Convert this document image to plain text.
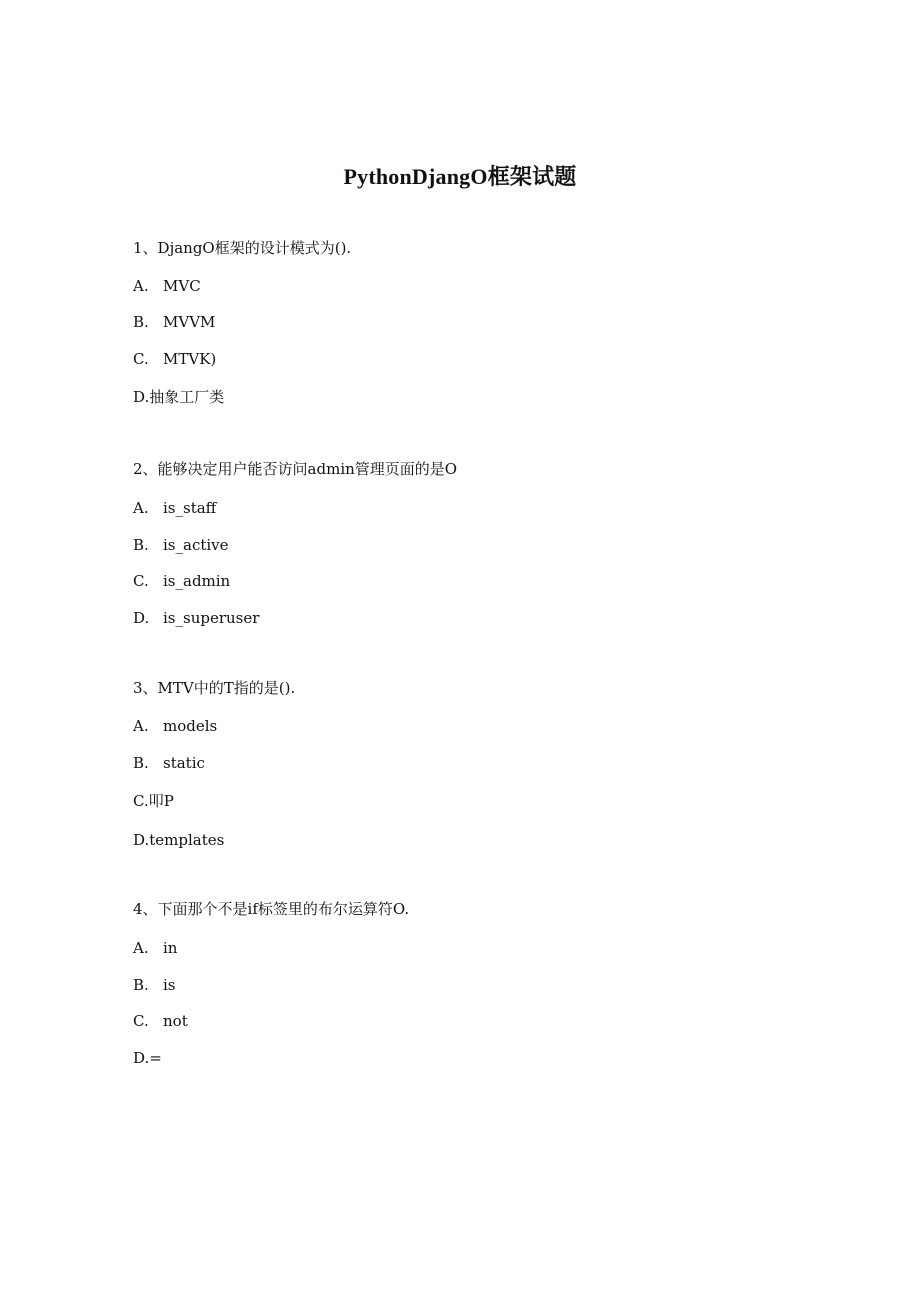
PythonDjangO框架试题
1、DjangO框架的设计模式为().
A. MVC
B. MVVM
C. MTVK)
D.抽象工厂类
2、能够决定用户能否访问admin管理页面的是O
A. is_staff
B. is_active
C. is_admin
D. is_superuser
3、MTV中的T指的是().
A. models
B. static
C.叩P
D.templates
4、下面那个不是if标签里的布尔运算符O.
A. in
B. is
C. not
D.=
